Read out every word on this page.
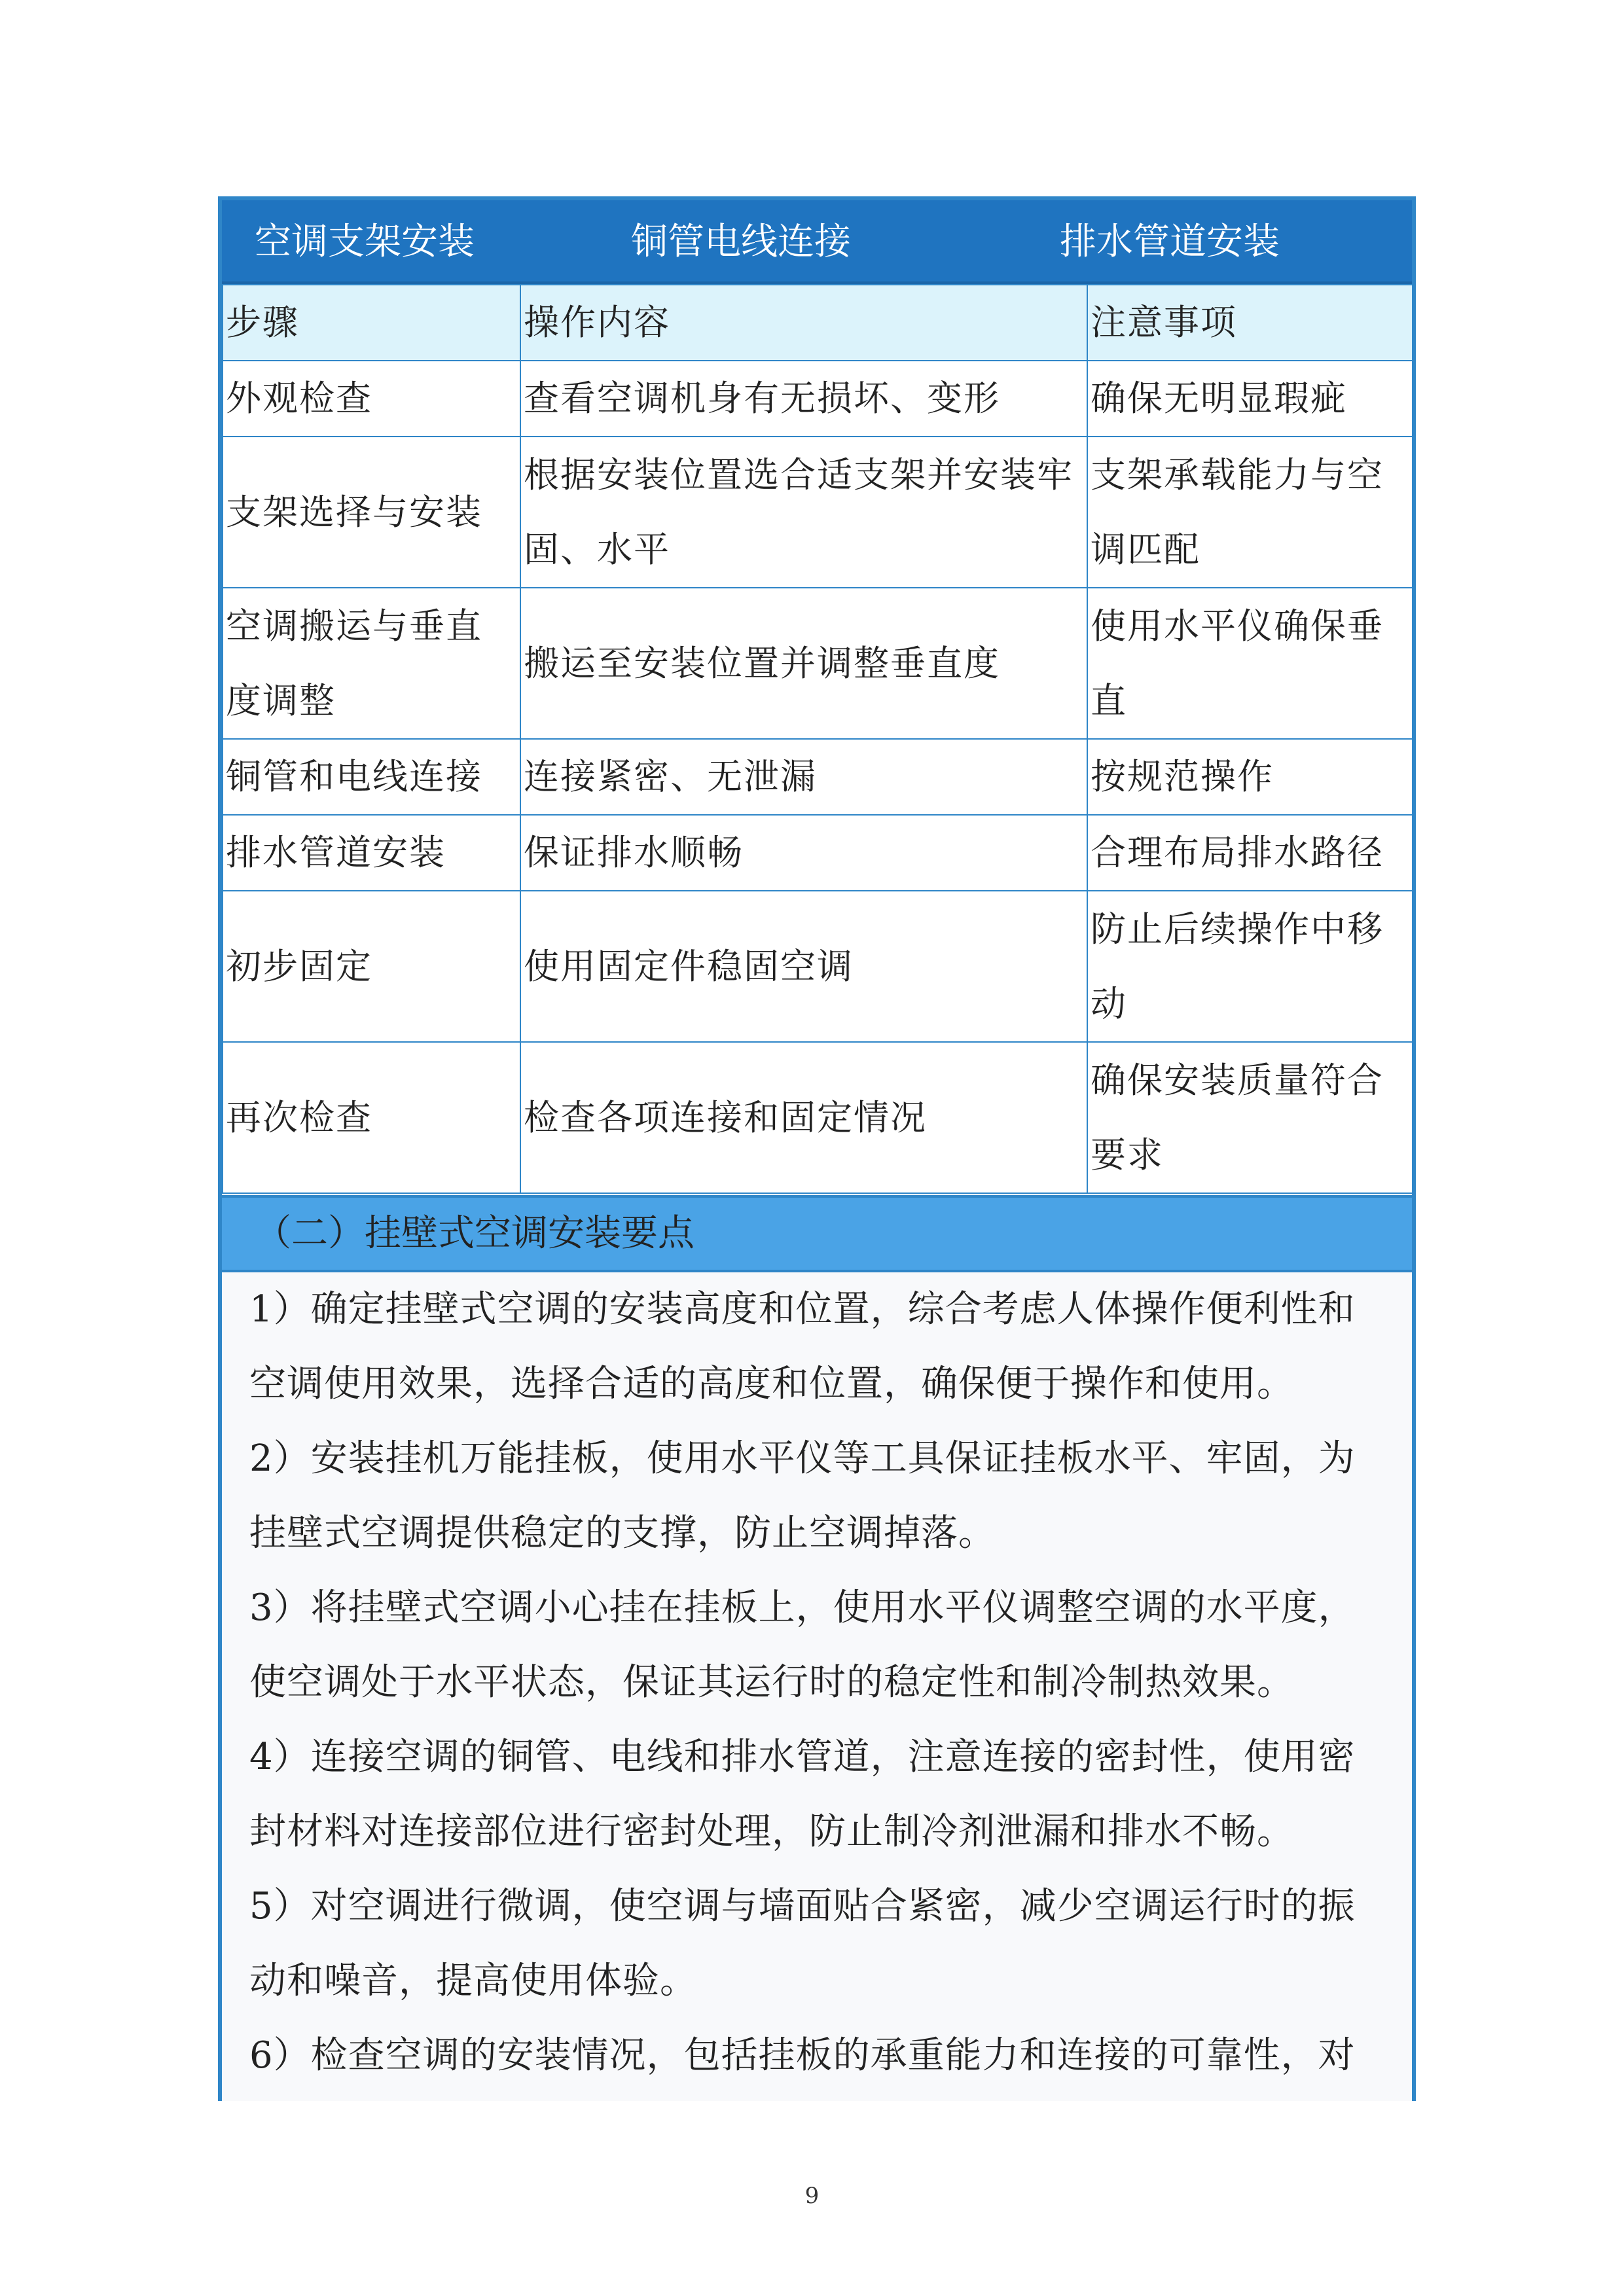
空调支架安装	铜管电线连接	排水管道安装
步骤	操作内容	注意事项
外观检查	查看空调机身有无损坏、变形	确保无明显瑕疵
支架选择与安装	根据安装位置选合适支架并安装牢固、水平	支架承载能力与空调匹配
空调搬运与垂直度调整	搬运至安装位置并调整垂直度	使用水平仪确保垂直
铜管和电线连接	连接紧密、无泄漏	按规范操作
排水管道安装	保证排水顺畅	合理布局排水路径
初步固定	使用固定件稳固空调	防止后续操作中移动
再次检查	检查各项连接和固定情况	确保安装质量符合要求
（二）挂壁式空调安装要点
1）确定挂壁式空调的安装高度和位置，综合考虑人体操作便利性和
空调使用效果，选择合适的高度和位置，确保便于操作和使用。
2）安装挂机万能挂板，使用水平仪等工具保证挂板水平、牢固，为
挂壁式空调提供稳定的支撑，防止空调掉落。
3）将挂壁式空调小心挂在挂板上，使用水平仪调整空调的水平度，
使空调处于水平状态，保证其运行时的稳定性和制冷制热效果。
4）连接空调的铜管、电线和排水管道，注意连接的密封性，使用密
封材料对连接部位进行密封处理，防止制冷剂泄漏和排水不畅。
5）对空调进行微调，使空调与墙面贴合紧密，减少空调运行时的振
动和噪音，提高使用体验。
6）检查空调的安装情况，包括挂板的承重能力和连接的可靠性，对
9
